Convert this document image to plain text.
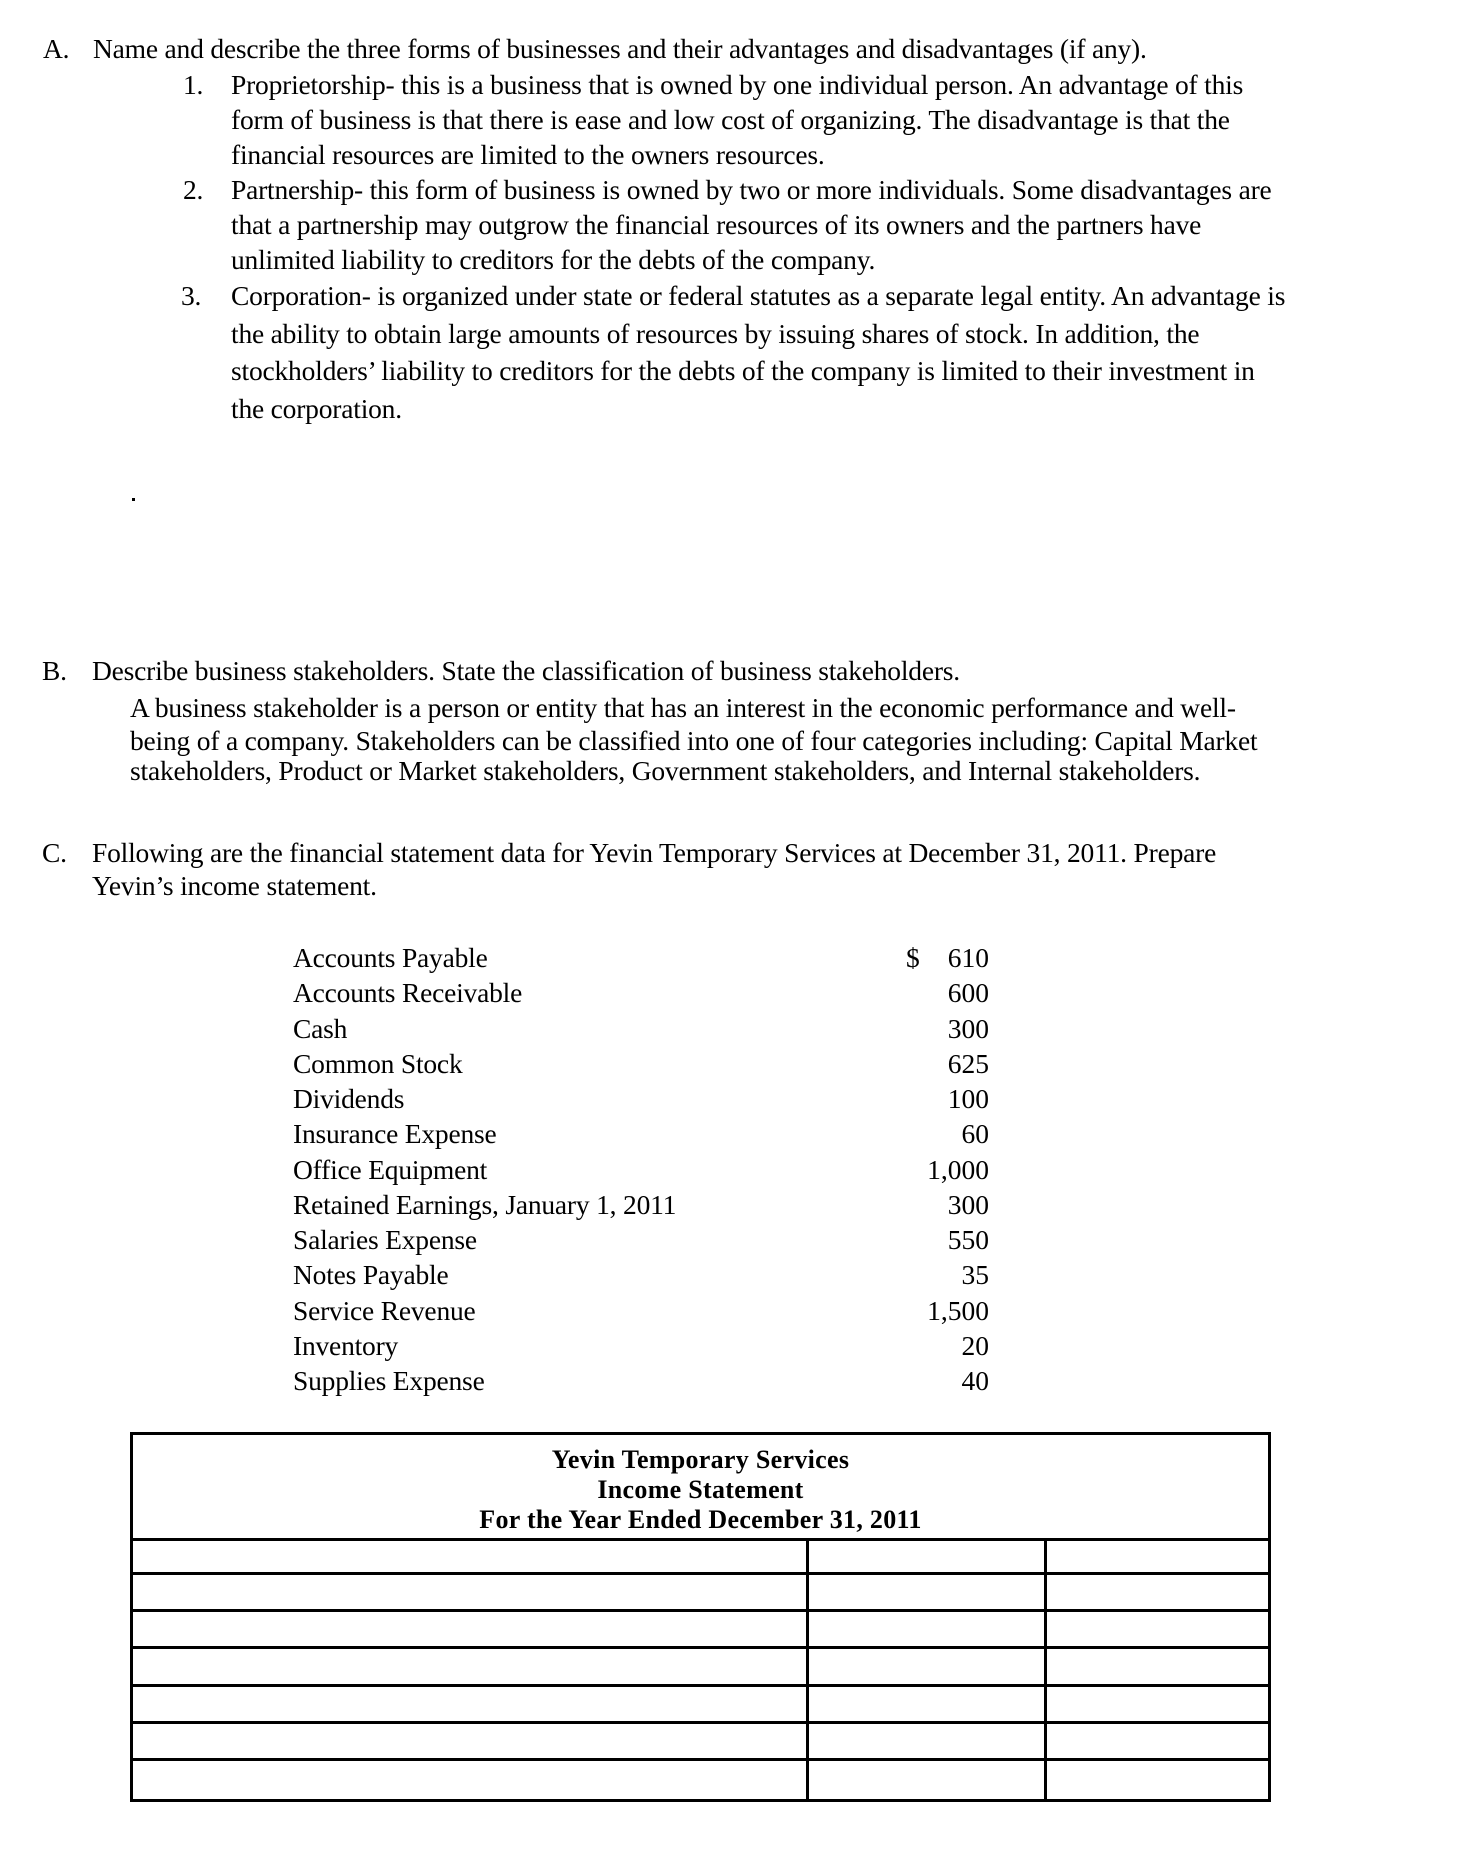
A. Name and describe the three forms of businesses and their advantages and disadvantages (if any).
1. Proprietorship- this is a business that is owned by one individual person. An advantage of this
form of business is that there is ease and low cost of organizing. The disadvantage is that the
financial resources are limited to the owners resources.
2. Partnership- this form of business is owned by two or more individuals. Some disadvantages are
that a partnership may outgrow the financial resources of its owners and the partners have
unlimited liability to creditors for the debts of the company.
3. Corporation- is organized under state or federal statutes as a separate legal entity. An advantage is
the ability to obtain large amounts of resources by issuing shares of stock. In addition, the
stockholders’ liability to creditors for the debts of the company is limited to their investment in
the corporation.
B. Describe business stakeholders. State the classification of business stakeholders.
A business stakeholder is a person or entity that has an interest in the economic performance and well-
being of a company. Stakeholders can be classified into one of four categories including: Capital Market
stakeholders, Product or Market stakeholders, Government stakeholders, and Internal stakeholders.
C. Following are the financial statement data for Yevin Temporary Services at December 31, 2011. Prepare
Yevin’s income statement.
$
Accounts Payable	610
Accounts Receivable	600
Cash	300
Common Stock	625
Dividends	100
Insurance Expense	60
Office Equipment	1,000
Retained Earnings, January 1, 2011	300
Salaries Expense	550
Notes Payable	35
Service Revenue	1,500
Inventory	20
Supplies Expense	40
Yevin Temporary Services
Income Statement
For the Year Ended December 31, 2011
